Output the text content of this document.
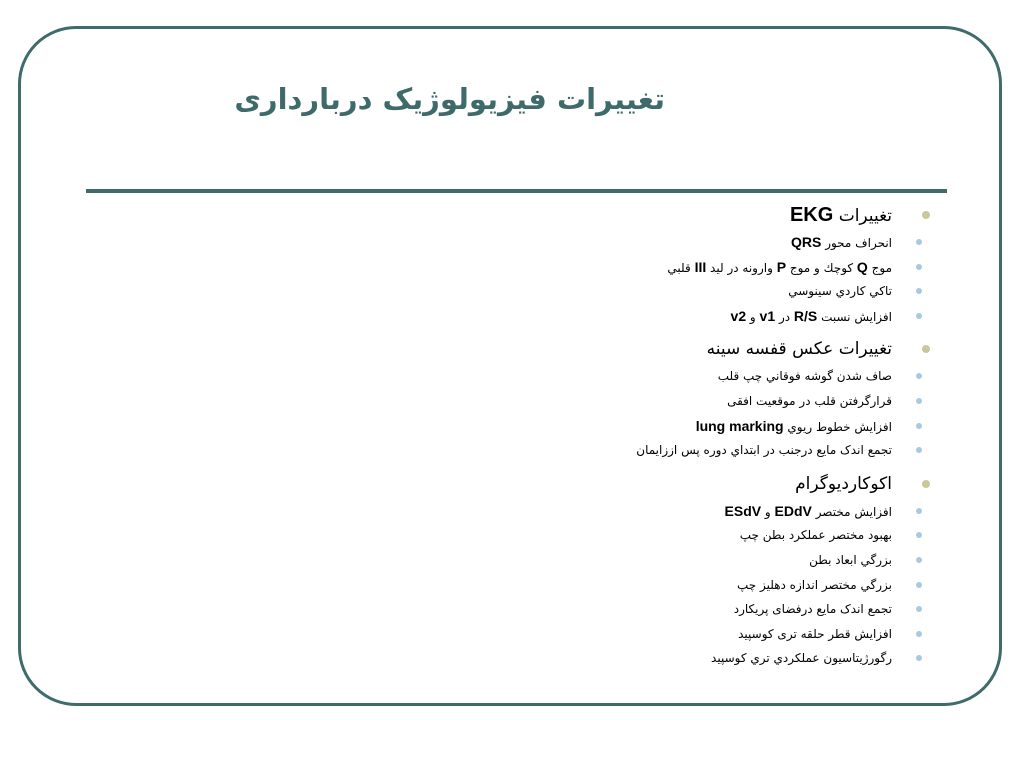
تغییرات فیزیولوژیک درباردارى
تغييرات EKG
انحراف محور QRS
موج Q كوچك و موج P وارونه در ليد III قلبي
تاكي كاردي سينوسي
افزايش نسبت R/S در v1 و v2
تغييرات عكس قفسه سينه
صاف شدن گوشه فوقاني چپ قلب
قرارگرفتن قلب در موقعيت افقی
افزايش خطوط ريوي lung marking
تجمع اندک مايع درجنب در ابتداي دوره پس اززايمان
اكوكارديوگرام
افزايش مختصر EDdV و ESdV
بهبود مختصر عملكرد بطن چپ
بزرگي ابعاد بطن
بزرگي مختصر اندازه دهليز چپ
تجمع اندک مايع درفضاى پريكارد
افزايش قطر حلقه ترى كوسپيد
رگورژيتاسيون عملكردي تري كوسپيد
